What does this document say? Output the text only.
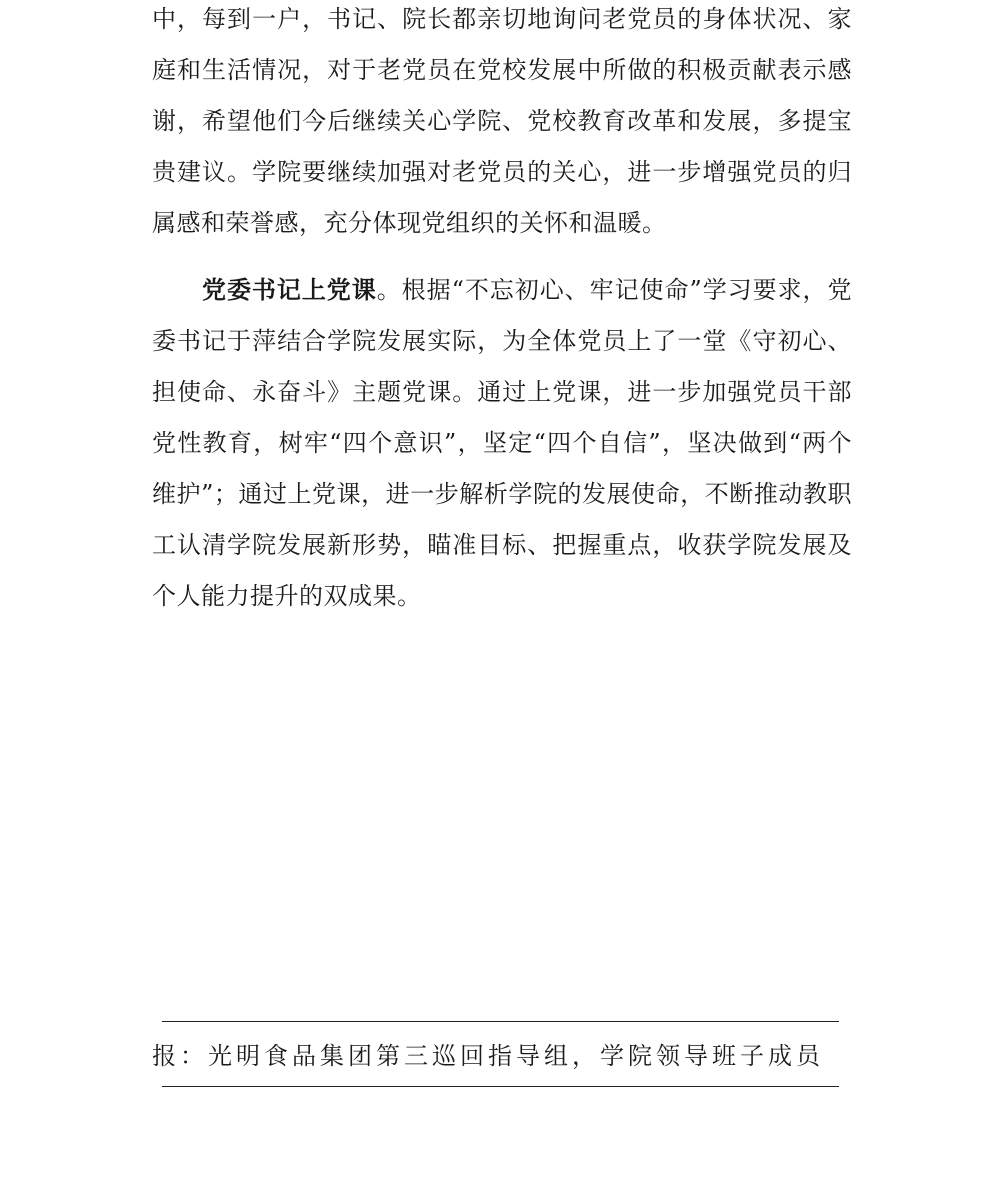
中，每到一户，书记、院长都亲切地询问老党员的身体状况、家庭和生活情况，对于老党员在党校发展中所做的积极贡献表示感谢，希望他们今后继续关心学院、党校教育改革和发展，多提宝贵建议。学院要继续加强对老党员的关心，进一步增强党员的归属感和荣誉感，充分体现党组织的关怀和温暖。

党委书记上党课。根据“不忘初心、牢记使命”学习要求，党委书记于萍结合学院发展实际，为全体党员上了一堂《守初心、担使命、永奋斗》主题党课。通过上党课，进一步加强党员干部党性教育，树牢“四个意识”，坚定“四个自信”，坚决做到“两个维护”；通过上党课，进一步解析学院的发展使命，不断推动教职工认清学院发展新形势，瞄准目标、把握重点，收获学院发展及个人能力提升的双成果。

报：光明食品集团第三巡回指导组，学院领导班子成员
